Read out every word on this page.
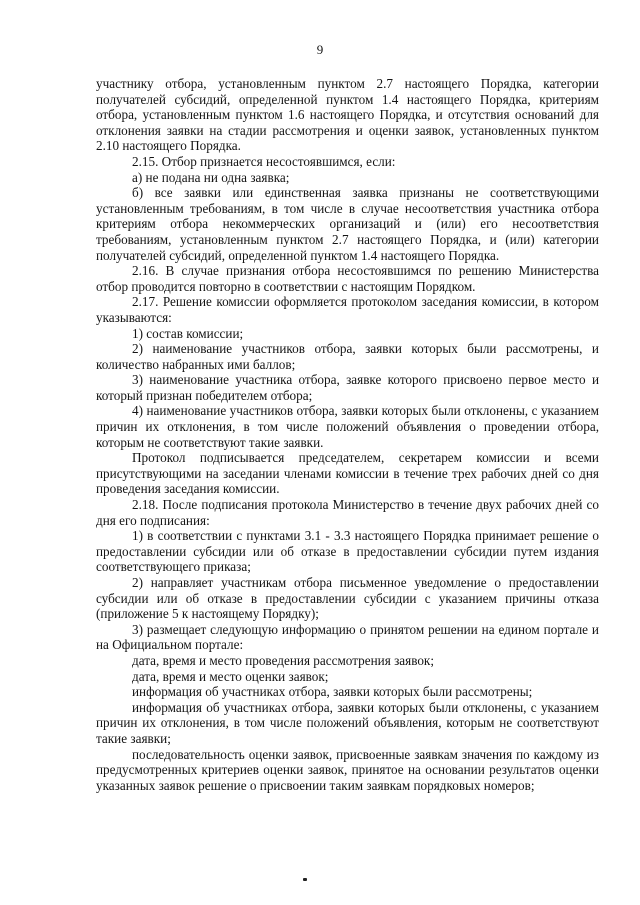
9

участнику отбора, установленным пунктом 2.7 настоящего Порядка, категории получателей субсидий, определенной пунктом 1.4 настоящего Порядка, критериям отбора, установленным пунктом 1.6 настоящего Порядка, и отсутствия оснований для отклонения заявки на стадии рассмотрения и оценки заявок, установленных пунктом 2.10 настоящего Порядка.

2.15. Отбор признается несостоявшимся, если:

а) не подана ни одна заявка;

б) все заявки или единственная заявка признаны не соответствующими установленным требованиям, в том числе в случае несоответствия участника отбора критериям отбора некоммерческих организаций и (или) его несоответствия требованиям, установленным пунктом 2.7 настоящего Порядка, и (или) категории получателей субсидий, определенной пунктом 1.4 настоящего Порядка.

2.16. В случае признания отбора несостоявшимся по решению Министерства отбор проводится повторно в соответствии с настоящим Порядком.

2.17. Решение комиссии оформляется протоколом заседания комиссии, в котором указываются:

1) состав комиссии;

2) наименование участников отбора, заявки которых были рассмотрены, и количество набранных ими баллов;

3) наименование участника отбора, заявке которого присвоено первое место и который признан победителем отбора;

4) наименование участников отбора, заявки которых были отклонены, с указанием причин их отклонения, в том числе положений объявления о проведении отбора, которым не соответствуют такие заявки.

Протокол подписывается председателем, секретарем комиссии и всеми присутствующими на заседании членами комиссии в течение трех рабочих дней со дня проведения заседания комиссии.

2.18. После подписания протокола Министерство в течение двух рабочих дней со дня его подписания:

1) в соответствии с пунктами 3.1 - 3.3 настоящего Порядка принимает решение о предоставлении субсидии или об отказе в предоставлении субсидии путем издания соответствующего приказа;

2) направляет участникам отбора письменное уведомление о предоставлении субсидии или об отказе в предоставлении субсидии с указанием причины отказа (приложение 5 к настоящему Порядку);

3) размещает следующую информацию о принятом решении на едином портале и на Официальном портале:

дата, время и место проведения рассмотрения заявок;

дата, время и место оценки заявок;

информация об участниках отбора, заявки которых были рассмотрены;

информация об участниках отбора, заявки которых были отклонены, с указанием причин их отклонения, в том числе положений объявления, которым не соответствуют такие заявки;

последовательность оценки заявок, присвоенные заявкам значения по каждому из предусмотренных критериев оценки заявок, принятое на основании результатов оценки указанных заявок решение о присвоении таким заявкам порядковых номеров;
